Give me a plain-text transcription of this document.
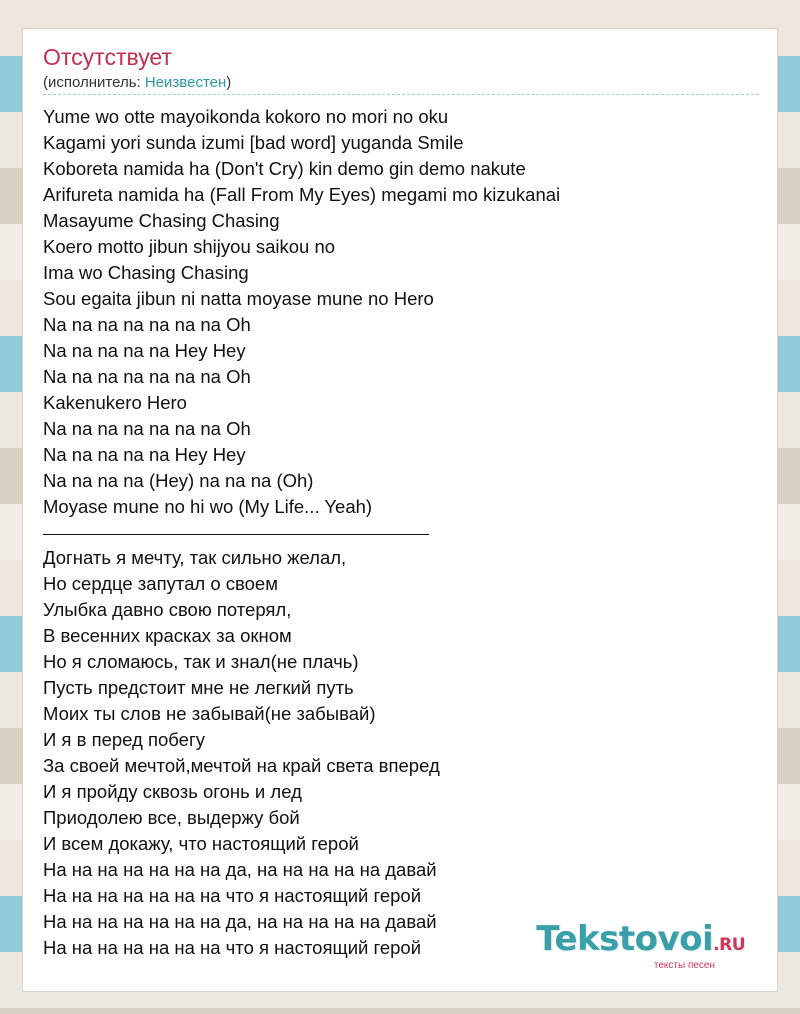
Отсутствует
(исполнитель: Неизвестен)
Yume wo otte mayoikonda kokoro no mori no oku
Kagami yori sunda izumi [bad word] yuganda Smile
Koboreta namida ha (Don't Cry) kin demo gin demo nakute
Arifureta namida ha (Fall From My Eyes) megami mo kizukanai
Masayume Chasing Chasing
Koero motto jibun shijyou saikou no
Ima wo Chasing Chasing
Sou egaita jibun ni natta moyase mune no Hero
Na na na na na na na Oh
Na na na na na Hey Hey
Na na na na na na na Oh
Kakenukero Hero
Na na na na na na na Oh
Na na na na na Hey Hey
Na na na na (Hey) na na na (Oh)
Moyase mune no hi wo (My Life... Yeah)
Догнать я мечту, так сильно желал,
Но сердце запутал о своем
Улыбка давно свою потерял,
В весенних красках за окном
Но я сломаюсь, так и знал(не плачь)
Пусть предстоит мне не легкий путь
Моих ты слов не забывай(не забывай)
И я в перед побегу
За своей мечтой,мечтой на край света вперед
И я пройду сквозь огонь и лед
Приодолею все, выдержу бой
И всем докажу, что настоящий герой
На на на на на на на да, на на на на на давай
На на на на на на на что я настоящий герой
На на на на на на на да, на на на на на давай
На на на на на на на что я настоящий герой	Tekstovoi.RU
тексты песен
